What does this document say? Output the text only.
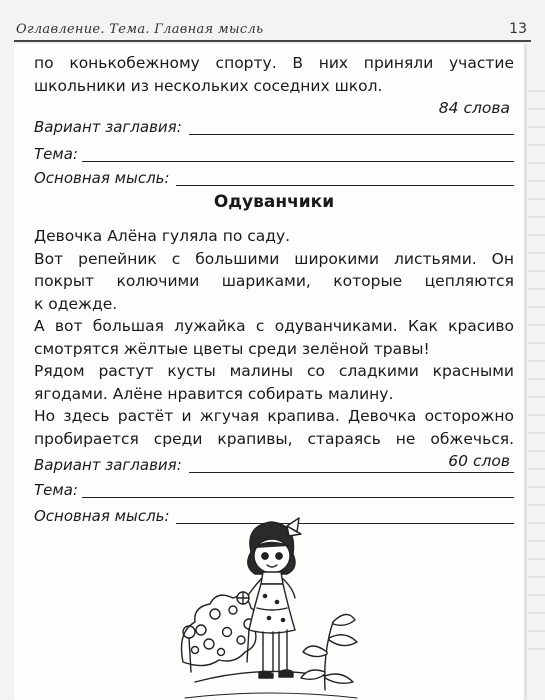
Оглавление. Тема. Главная мысль	13

по конькобежному спорту. В них приняли участие

школьники из нескольких соседних школ.

84 слова
Вариант заглавия:
Тема:
Основная мысль:
Одуванчики

Девочка Алёна гуляла по саду.

Вот репейник с большими широкими листьями. Он

покрыт колючими шариками, которые цепляются

к одежде.

А вот большая лужайка с одуванчиками. Как красиво

смотрятся жёлтые цветы среди зелёной травы!

Рядом растут кусты малины со сладкими красными

ягодами. Алёне нравится собирать малину.

Но здесь растёт и жгучая крапива. Девочка осторожно

пробирается среди крапивы, стараясь не обжечься.

60 слов
Вариант заглавия:
Тема:
Основная мысль:
